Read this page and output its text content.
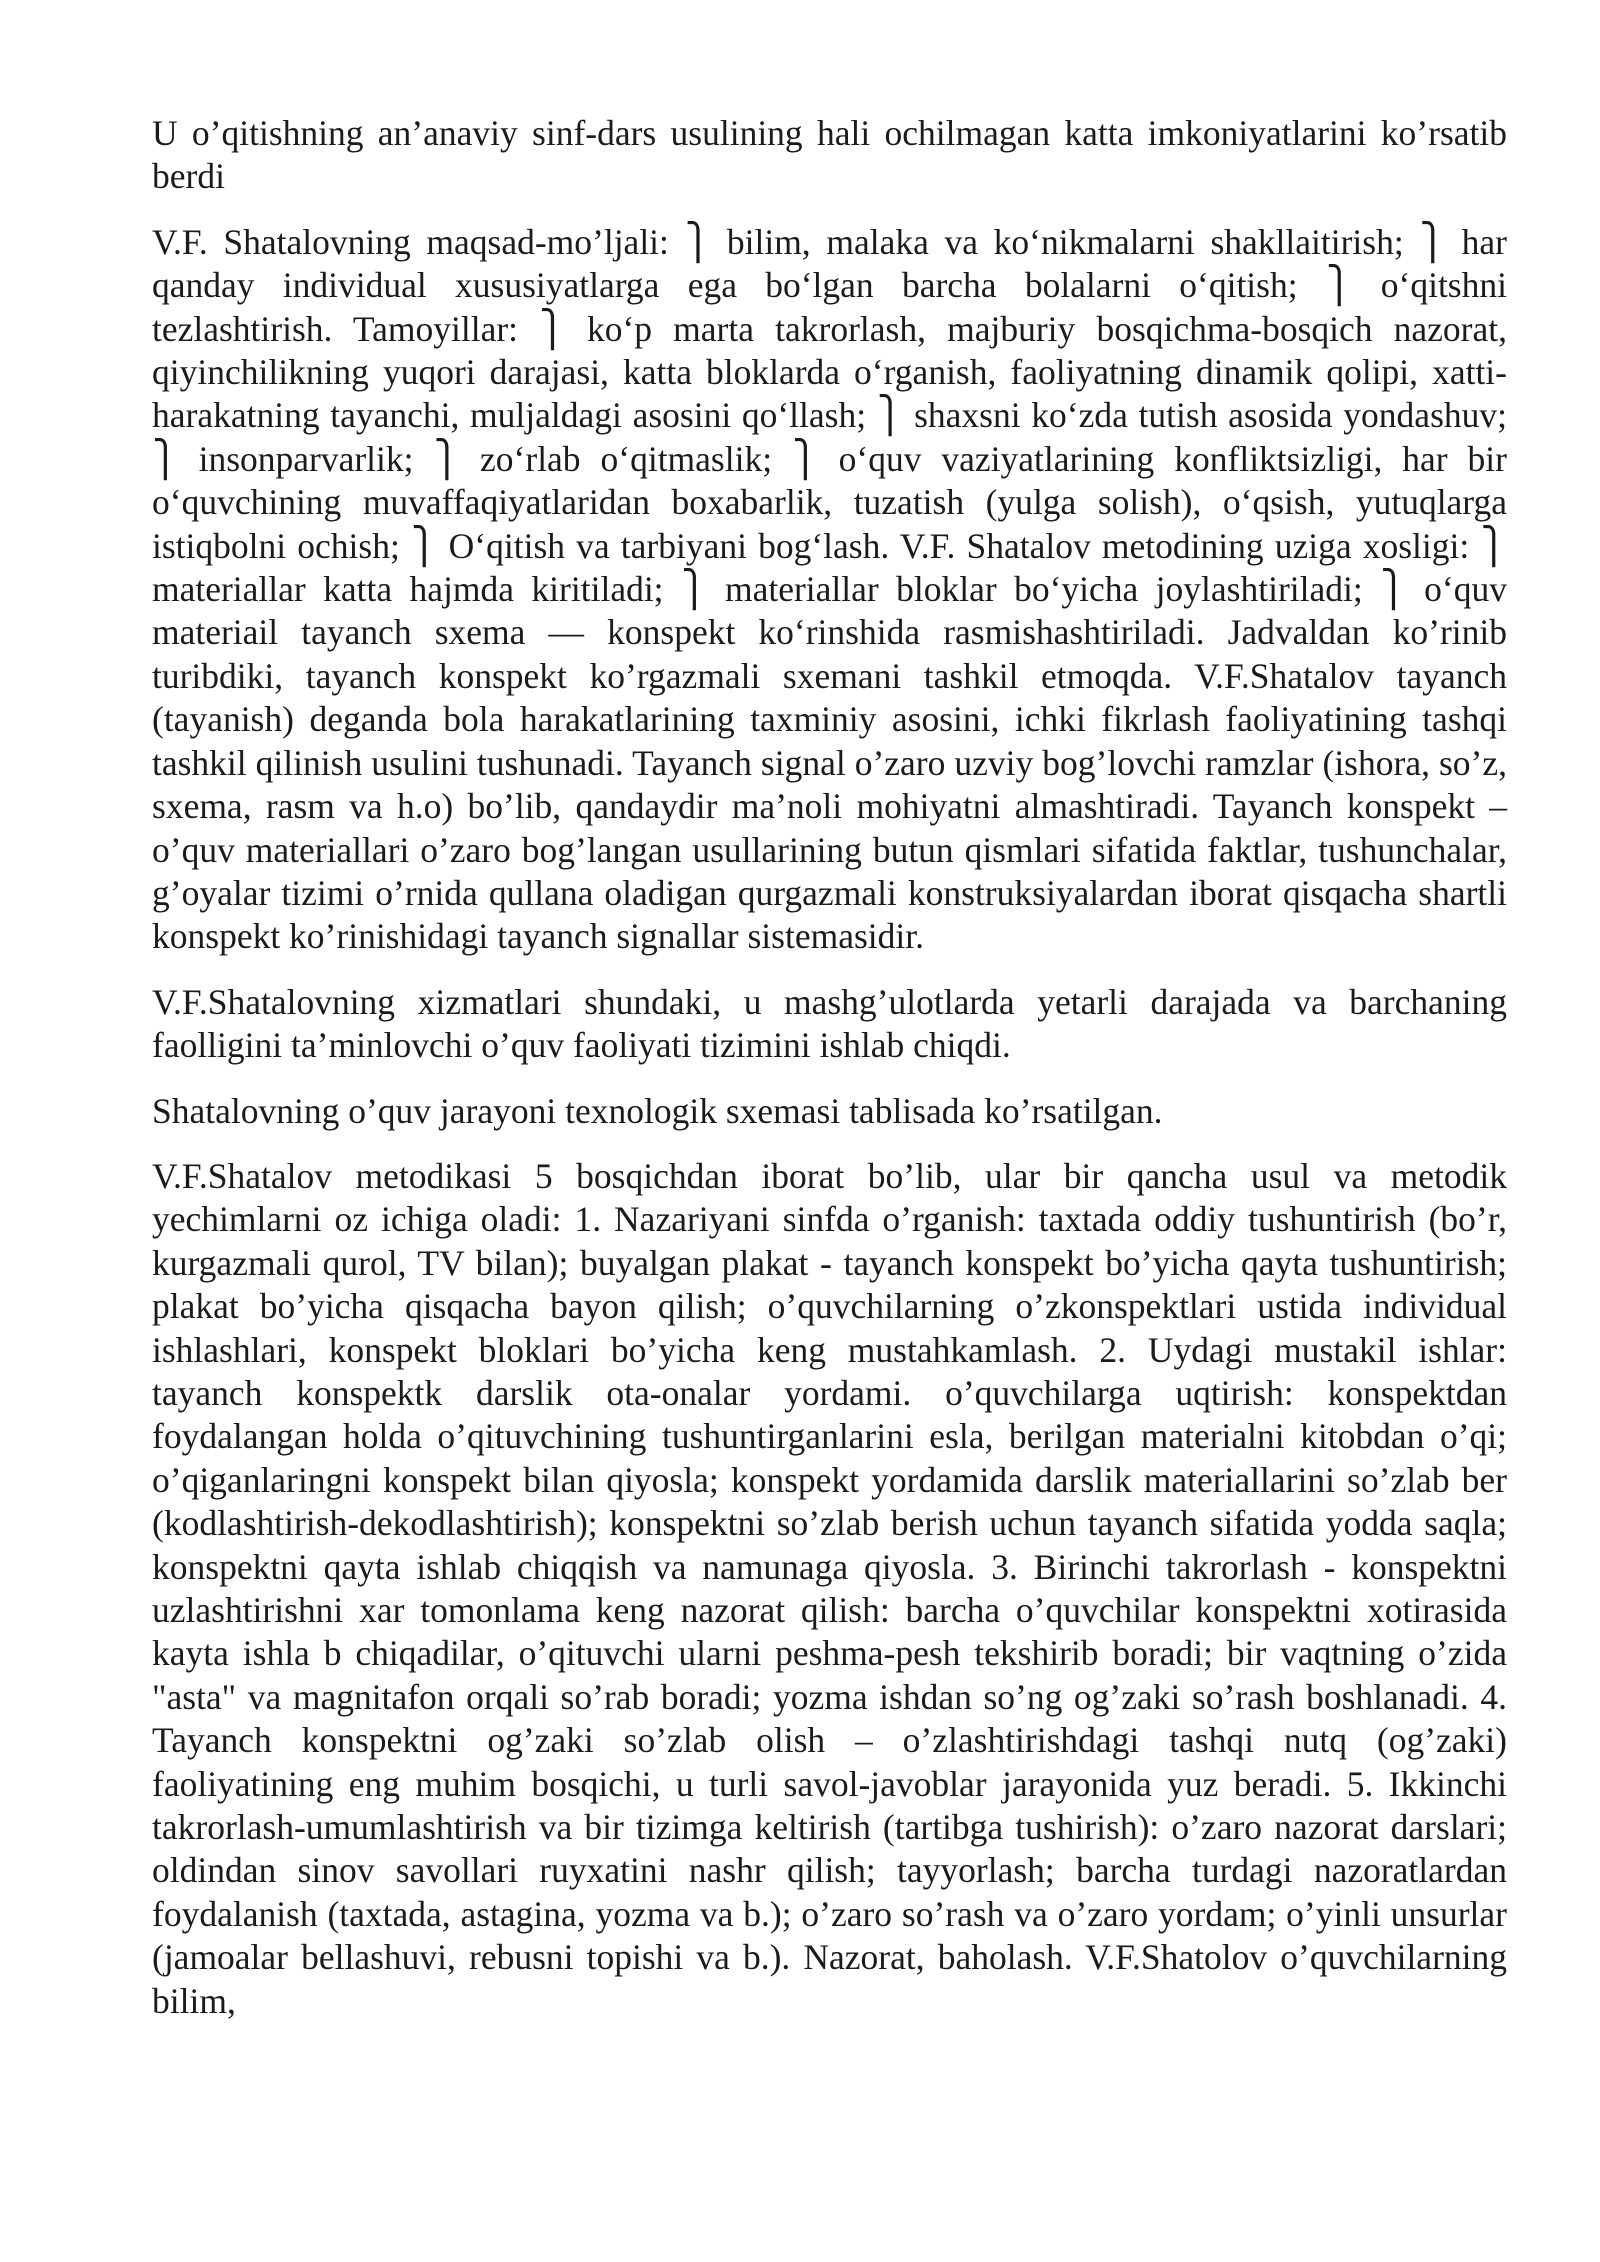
U o’qitishning an’anaviy sinf-dars usulining hali ochilmagan katta imkoniyatlarini ko’rsatib berdi

V.F. Shatalovning maqsad-mo’ljali: ⎫ bilim, malaka va koʻnikmalarni shakllaitirish; ⎫ har qanday individual xususiyatlarga ega boʻlgan barcha bolalarni oʻqitish; ⎫ oʻqitshni tezlashtirish. Tamoyillar: ⎫ koʻp marta takrorlash, majburiy bosqichma-bosqich nazorat, qiyinchilikning yuqori darajasi, katta bloklarda oʻrganish, faoliyatning dinamik qolipi, xatti-harakatning tayanchi, muljaldagi asosini qoʻllash; ⎫ shaxsni koʻzda tutish asosida yondashuv; ⎫ insonparvarlik; ⎫ zoʻrlab oʻqitmaslik; ⎫ oʻquv vaziyatlarining konfliktsizligi, har bir oʻquvchining muvaffaqiyatlaridan boxabarlik, tuzatish (yulga solish), oʻqsish, yutuqlarga istiqbolni ochish; ⎫ Oʻqitish va tarbiyani bogʻlash. V.F. Shatalov metodining uziga xosligi: ⎫ materiallar katta hajmda kiritiladi; ⎫ materiallar bloklar boʻyicha joylashtiriladi; ⎫ oʻquv materiail tayanch sxema — konspekt koʻrinshida rasmishashtiriladi. Jadvaldan ko’rinib turibdiki, tayanch konspekt ko’rgazmali sxemani tashkil etmoqda. V.F.Shatalov tayanch (tayanish) deganda bola harakatlarining taxminiy asosini, ichki fikrlash faoliyatining tashqi tashkil qilinish usulini tushunadi. Tayanch signal o’zaro uzviy bog’lovchi ramzlar (ishora, so’z, sxema, rasm va h.o) bo’lib, qandaydir ma’noli mohiyatni almashtiradi. Tayanch konspekt – o’quv materiallari o’zaro bog’langan usullarining butun qismlari sifatida faktlar, tushunchalar, g’oyalar tizimi o’rnida qullana oladigan qurgazmali konstruksiyalardan iborat qisqacha shartli konspekt ko’rinishidagi tayanch signallar sistemasidir.

V.F.Shatalovning xizmatlari shundaki, u mashg’ulotlarda yetarli darajada va barchaning faolligini ta’minlovchi o’quv faoliyati tizimini ishlab chiqdi.

Shatalovning o’quv jarayoni texnologik sxemasi tablisada ko’rsatilgan.

V.F.Shatalov metodikasi 5 bosqichdan iborat bo’lib, ular bir qancha usul va metodik yechimlarni oz ichiga oladi: 1. Nazariyani sinfda o’rganish: taxtada oddiy tushuntirish (bo’r, kurgazmali qurol, TV bilan); buyalgan plakat - tayanch konspekt bo’yicha qayta tushuntirish; plakat bo’yicha qisqacha bayon qilish; o’quvchilarning o’zkonspektlari ustida individual ishlashlari, konspekt bloklari bo’yicha keng mustahkamlash. 2. Uydagi mustakil ishlar: tayanch konspektk darslik ota-onalar yordami. o’quvchilarga uqtirish: konspektdan foydalangan holda o’qituvchining tushuntirganlarini esla, berilgan materialni kitobdan o’qi; o’qiganlaringni konspekt bilan qiyosla; konspekt yordamida darslik materiallarini so’zlab ber (kodlashtirish-dekodlashtirish); konspektni so’zlab berish uchun tayanch sifatida yodda saqla; konspektni qayta ishlab chiqqish va namunaga qiyosla. 3. Birinchi takrorlash - konspektni uzlashtirishni xar tomonlama keng nazorat qilish: barcha o’quvchilar konspektni xotirasida kayta ishla b chiqadilar, o’qituvchi ularni peshma-pesh tekshirib boradi; bir vaqtning o’zida "asta" va magnitafon orqali so’rab boradi; yozma ishdan so’ng og’zaki so’rash boshlanadi. 4. Tayanch konspektni og’zaki so’zlab olish – o’zlashtirishdagi tashqi nutq (og’zaki) faoliyatining eng muhim bosqichi, u turli savol-javoblar jarayonida yuz beradi. 5. Ikkinchi takrorlash-umumlashtirish va bir tizimga keltirish (tartibga tushirish): o’zaro nazorat darslari; oldindan sinov savollari ruyxatini nashr qilish; tayyorlash; barcha turdagi nazoratlardan foydalanish (taxtada, astagina, yozma va b.); o’zaro so’rash va o’zaro yordam; o’yinli unsurlar (jamoalar bellashuvi, rebusni topishi va b.). Nazorat, baholash. V.F.Shatolov o’quvchilarning bilim,
